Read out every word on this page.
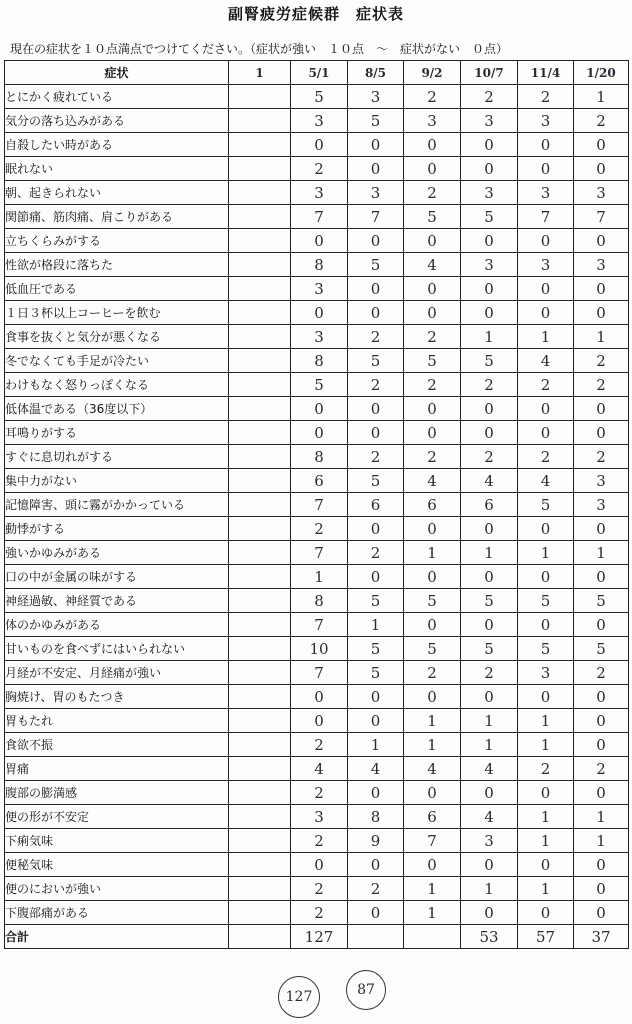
副腎疲労症候群　症状表
現在の症状を１０点満点でつけてください。（症状が強い　１０点　～　症状がない　０点）
症状	1	5/1	8/5	9/2	10/7	11/4	1/20
とにかく疲れている		5	3	2	2	2	1
気分の落ち込みがある		3	5	3	3	3	2
自殺したい時がある		0	0	0	0	0	0
眠れない		2	0	0	0	0	0
朝、起きられない		3	3	2	3	3	3
関節痛、筋肉痛、肩こりがある		7	7	5	5	7	7
立ちくらみがする		0	0	0	0	0	0
性欲が格段に落ちた		8	5	4	3	3	3
低血圧である		3	0	0	0	0	0
１日３杯以上コーヒーを飲む		0	0	0	0	0	0
食事を抜くと気分が悪くなる		3	2	2	1	1	1
冬でなくても手足が冷たい		8	5	5	5	4	2
わけもなく怒りっぽくなる		5	2	2	2	2	2
低体温である（36度以下）		0	0	0	0	0	0
耳鳴りがする		0	0	0	0	0	0
すぐに息切れがする		8	2	2	2	2	2
集中力がない		6	5	4	4	4	3
記憶障害、頭に霧がかかっている		7	6	6	6	5	3
動悸がする		2	0	0	0	0	0
強いかゆみがある		7	2	1	1	1	1
口の中が金属の味がする		1	0	0	0	0	0
神経過敏、神経質である		8	5	5	5	5	5
体のかゆみがある		7	1	0	0	0	0
甘いものを食べずにはいられない		10	5	5	5	5	5
月経が不安定、月経痛が強い		7	5	2	2	3	2
胸焼け、胃のもたつき		0	0	0	0	0	0
胃もたれ		0	0	1	1	1	0
食欲不振		2	1	1	1	1	0
胃痛		4	4	4	4	2	2
腹部の膨満感		2	0	0	0	0	0
便の形が不安定		3	8	6	4	1	1
下痢気味		2	9	7	3	1	1
便秘気味		0	0	0	0	0	0
便のにおいが強い		2	2	1	1	1	0
下腹部痛がある		2	0	1	0	0	0
合計		127			53	57	37
127	87
